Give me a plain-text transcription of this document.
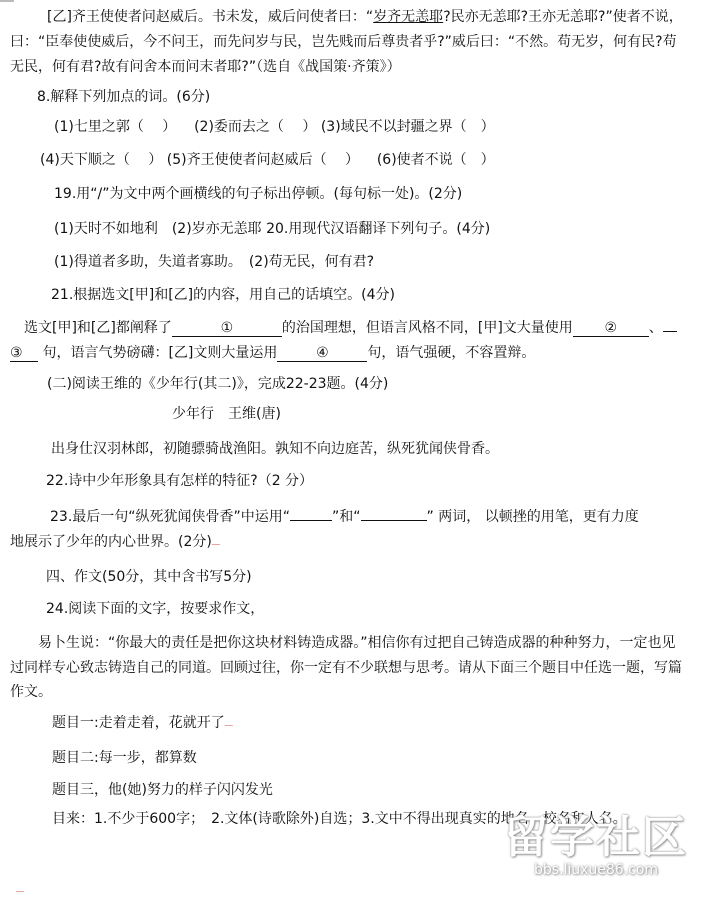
[乙]齐王使使者问赵威后。书未发，威后问使者曰：“岁齐无恙耶?民亦无恙耶?王亦无恙耶?”使者不说，
曰：“臣奉使使威后，今不问王，而先问岁与民，岂先贱而后尊贵者乎?”威后曰：“不然。苟无岁，何有民?苟
无民，何有君?故有问舍本而问末者耶?”（选自《战国策·齐策》）
8.解释下列加点的词。(6分)
(1)七里之郭（　 ） (2)委而去之（　 ） (3)域民不以封疆之界（　）
(4)天下顺之（　 ） (5)齐王使使者问赵威后（　 ） (6)使者不说（　）
19.用“/”为文中两个画横线的句子标出停顿。(每句标一处)。(2分)
(1)天时不如地利　(2)岁亦无恙耶 20.用现代汉语翻译下列句子。(4分)
(1)得道者多助，失道者寡助。　(2)苟无民，何有君?
21.根据选文[甲]和[乙]的内容，用自己的话填空。(4分)
选文[甲]和[乙]都阐释了	①	的治国理想，但语言风格不同，[甲]文大量使用 ② 、
③ 句，语言气势磅礴：[乙]文则大量运用	④	句，语气强硬，不容置辩。
(二)阅读王维的《少年行(其二)》，完成22-23题。(4分)
少年行　王维(唐)
出身仕汉羽林郎，初随骠骑战渔阳。孰知不向边庭苦，纵死犹闻侠骨香。
22.诗中少年形象具有怎样的特征?（2 分）
23.最后一句“纵死犹闻侠骨香”中运用“	”和“	” 两词， 以顿挫的用笔，更有力度
地展示了少年的内心世界。(2分)﹏
四、作文(50分，其中含书写5分)
24.阅读下面的文字，按要求作文，
易卜生说：“你最大的责任是把你这块材料铸造成器。”相信你有过把自己铸造成器的种种努力，一定也见
过同样专心致志铸造自己的同道。回顾过往，你一定有不少联想与思考。请从下面三个题目中任选一题，写篇
作文。
题目一:走着走着，花就开了﹏
题目二:每一步，都算数
题目三，他(她)努力的样子闪闪发光
目来：1.不少于600字；　2.文体(诗歌除外)自选；3.文中不得出现真实的地名、校名和人名。
﹏
留学社区
bbs.liuxue86.com
